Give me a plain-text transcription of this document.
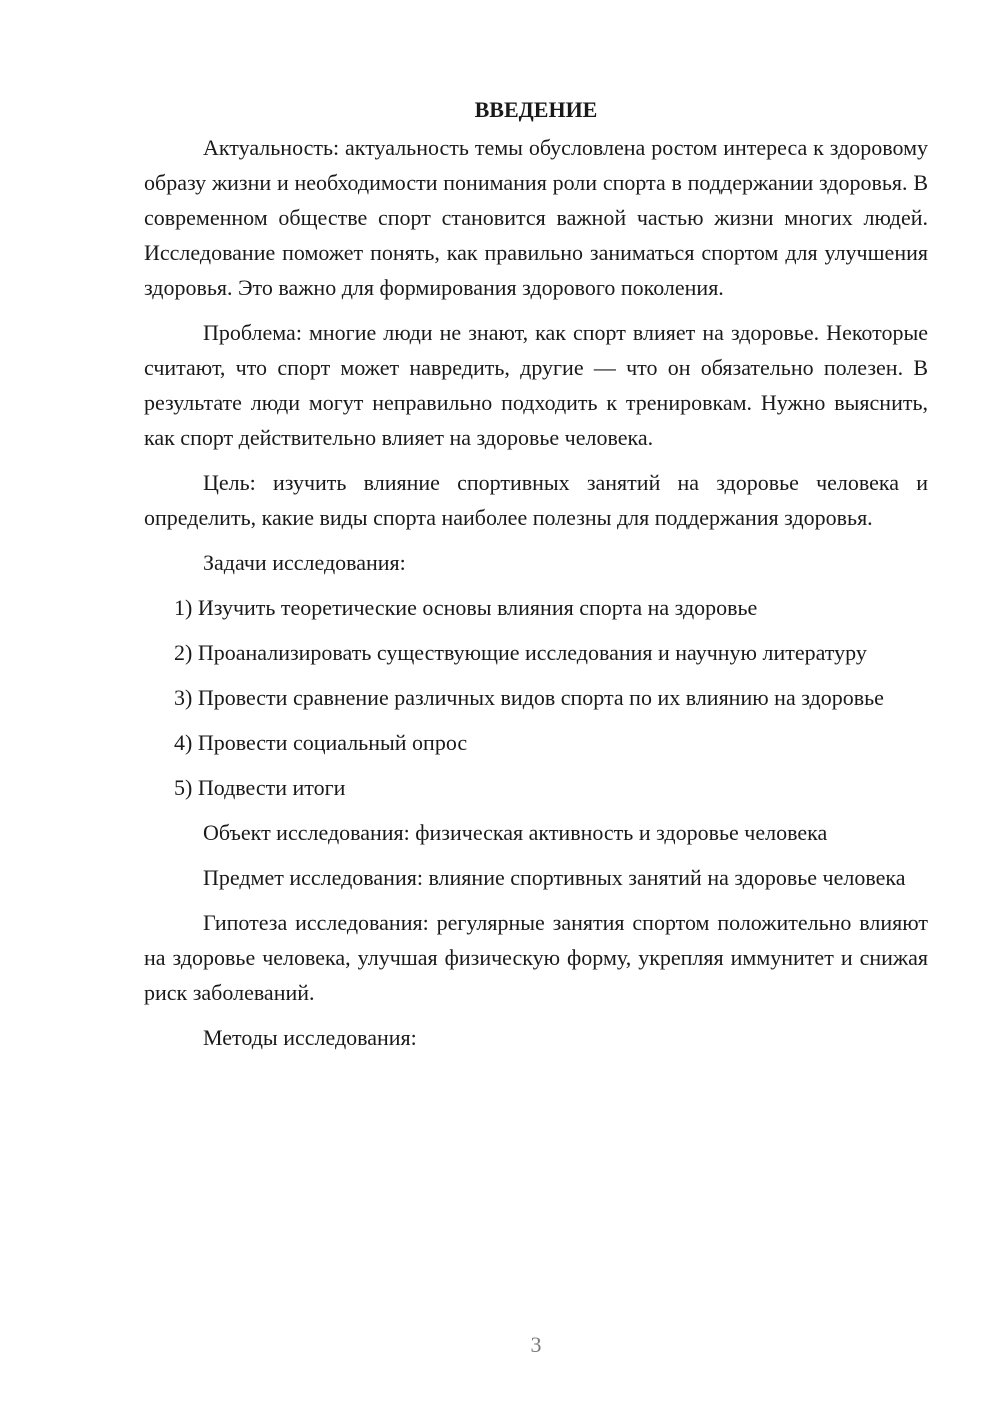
ВВЕДЕНИЕ

Актуальность: актуальность темы обусловлена ростом интереса к здоровому образу жизни и необходимости понимания роли спорта в поддержании здоровья. В современном обществе спорт становится важной частью жизни многих людей. Исследование поможет понять, как правильно заниматься спортом для улучшения здоровья. Это важно для формирования здорового поколения.

Проблема: многие люди не знают, как спорт влияет на здоровье. Некоторые считают, что спорт может навредить, другие — что он обязательно полезен. В результате люди могут неправильно подходить к тренировкам. Нужно выяснить, как спорт действительно влияет на здоровье человека.

Цель: изучить влияние спортивных занятий на здоровье человека и определить, какие виды спорта наиболее полезны для поддержания здоровья.

Задачи исследования:

1) Изучить теоретические основы влияния спорта на здоровье

2) Проанализировать существующие исследования и научную литературу

3) Провести сравнение различных видов спорта по их влиянию на здоровье

4) Провести социальный опрос

5) Подвести итоги

Объект исследования: физическая активность и здоровье человека

Предмет исследования: влияние спортивных занятий на здоровье человека

Гипотеза исследования: регулярные занятия спортом положительно влияют на здоровье человека, улучшая физическую форму, укрепляя иммунитет и снижая риск заболеваний.

Методы исследования:

3
